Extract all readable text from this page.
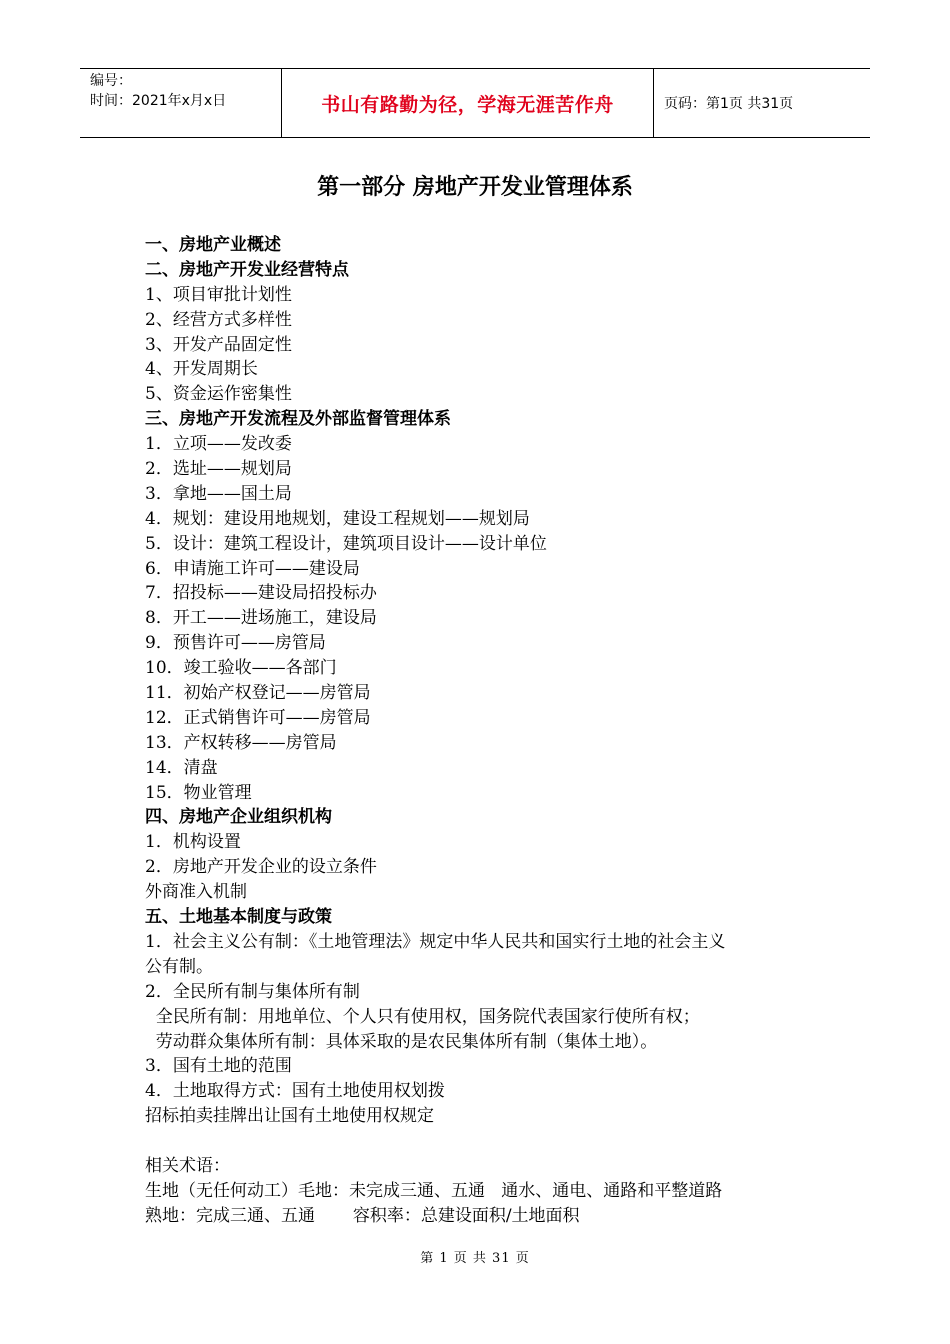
编号：
时间：2021年x月x日	书山有路勤为径，学海无涯苦作舟	页码：第1页 共31页
第一部分 房地产开发业管理体系
一、房地产业概述
二、房地产开发业经营特点
1、项目审批计划性
2、经营方式多样性
3、开发产品固定性
4、开发周期长
5、资金运作密集性
三、房地产开发流程及外部监督管理体系
1．立项——发改委
2．选址——规划局
3．拿地——国土局
4．规划：建设用地规划，建设工程规划——规划局
5．设计：建筑工程设计，建筑项目设计——设计单位
6．申请施工许可——建设局
7．招投标——建设局招投标办
8．开工——进场施工，建设局
9．预售许可——房管局
10．竣工验收——各部门
11．初始产权登记——房管局
12．正式销售许可——房管局
13．产权转移——房管局
14．清盘
15．物业管理
四、房地产企业组织机构
1．机构设置
2．房地产开发企业的设立条件
外商准入机制
五、土地基本制度与政策
1．社会主义公有制：《土地管理法》规定中华人民共和国实行土地的社会主义
公有制。
2．全民所有制与集体所有制
全民所有制：用地单位、个人只有使用权，国务院代表国家行使所有权；
劳动群众集体所有制：具体采取的是农民集体所有制（集体土地）。
3．国有土地的范围
4．土地取得方式：国有土地使用权划拨
招标拍卖挂牌出让国有土地使用权规定
相关术语：
生地（无任何动工）毛地：未完成三通、五通   通水、通电、通路和平整道路
熟地：完成三通、五通       容积率：总建设面积/土地面积
第 1 页 共 31 页
